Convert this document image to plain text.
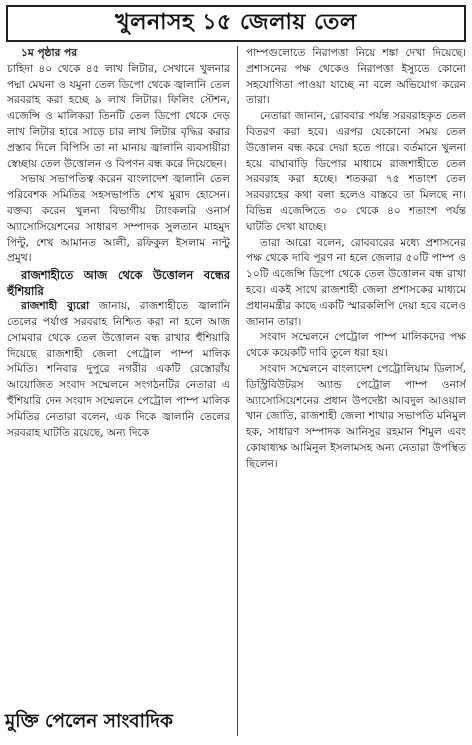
খুলনাসহ ১৫ জেলায় তেল

১ম পৃষ্ঠার পর

চাহিদা ৪০ থেকে ৪৫ লাখ লিটার, সেখানে খুলনার পদ্মা মেঘনা ও যমুনা তেল ডিপো থেকে জ্বালানি তেল সরবরাহ করা হচ্ছে ৯ লাখ লিটার। ফিলিং স্টেশন, এজেন্সি ও মালিকরা তিনটি তেল ডিপো থেকে দেড় লাখ লিটার হারে সাড়ে চার লাখ লিটার বৃদ্ধির করার প্রস্তাব দিলে বিপিসি তা না মানায় জ্বালানি ব্যবসায়ীরা স্বেচ্ছায় তেল উত্তোলন ও বিপণন বন্ধ করে দিয়েছেন।

সভায় সভাপতিত্ব করেন বাংলাদেশ জ্বালানি তেল পরিবেশক সমিতির সহসভাপতি শেখ মুরাদ হোসেন। বক্তব্য করেন খুলনা বিভাগীয় ট্যাংকলরি ওনার্স অ্যাসোসিয়েশনের সাধারণ সম্পাদক সুলতান মাহমুদ পিন্টু, শেখ আমানত আলী, রফিকুল ইসলাম নান্টু প্রমুখ।

রাজশাহীতে আজ থেকে উত্তোলন বন্ধের হুঁশিয়ারি

রাজশাহী ব্যুরো জানায়, রাজশাহীতে জ্বালানি তেলের পর্যাপ্ত সরবরাহ নিশ্চিত করা না হলে আজ সোমবার থেকে তেল উত্তোলন বন্ধ রাখার হুঁশিয়ারি দিয়েছে রাজশাহী জেলা পেট্রোল পাম্প মালিক সমিতি। শনিবার দুপুরে নগরীর একটি রেস্তোরাঁয় আয়োজিত সংবাদ সম্মেলনে সংগঠনটির নেতারা এ হুঁশিয়ারি দেন সংবাদ সম্মেলনে পেট্রোল পাম্প মালিক সমিতির নেতারা বলেন, এক দিকে জ্বালানি তেলের সরবরাহ ঘাটতি রয়েছে, অন্য দিকে

পাম্পগুলোতে নিরাপত্তা নিয়ে শঙ্কা দেখা দিয়েছে। প্রশাসনের পক্ষ থেকেও নিরাপত্তা ইস্যুতে কোনো সহযোগিতা পাওয়া যাচ্ছে না বলে অভিযোগ করেন তারা।

নেতারা জানান, রোববার পর্যন্ত সরবরাহকৃত তেল বিতরণ করা হবে। এরপর যেকোনো সময় তেল উত্তোলন বন্ধ করে দেয়া হতে পারে। বর্তমানে খুলনা হয়ে বাঘাবাড়ি ডিপোর মাধ্যমে রাজশাহীতে তেল সরবরাহ করা হচ্ছে। শতকরা ৭৫ শতাংশ তেল সরবরাহের কথা বলা হলেও বাস্তবে তা মিলছে না। বিভিন্ন এজেন্সিতে ৩০ থেকে ৪০ শতাংশ পর্যন্ত ঘাটতি দেখা যাচ্ছে।

তারা আরো বলেন, রোববারের মধ্যে প্রশাসনের পক্ষ থেকে দাবি পূরণ না হলে জেলার ৫০টি পাম্প ও ১০টি এজেন্সি ডিপো থেকে তেল উত্তোলন বন্ধ রাখা হবে। একই সাথে রাজশাহী জেলা প্রশাসকের মাধ্যমে প্রধানমন্ত্রীর কাছে একটি স্মারকলিপি দেয়া হবে বলেও জানান তারা।

সংবাদ সম্মেলনে পেট্রোল পাম্প মালিকদের পক্ষ থেকে কয়েকটি দাবি তুলে ধরা হয়।

সংবাদ সম্মেলনে বাংলাদেশ পেট্রোলিয়াম ডিলার্স, ডিস্ট্রিবিউটরস অ্যান্ড পেট্রোল পাম্প ওনার্স অ্যাসোসিয়েশনের প্রধান উপদেষ্টা আবদুল আওয়াল খান জোতি, রাজশাহী জেলা শাখার সভাপতি মনিমুল হক, সাধারণ সম্পাদক আনিসুর রহমান শিমুল এবং কোষাধ্যক্ষ আমিনুল ইসলামসহ অন্য নেতারা উপস্থিত ছিলেন।

মুক্তি পেলেন সাংবাদিক
